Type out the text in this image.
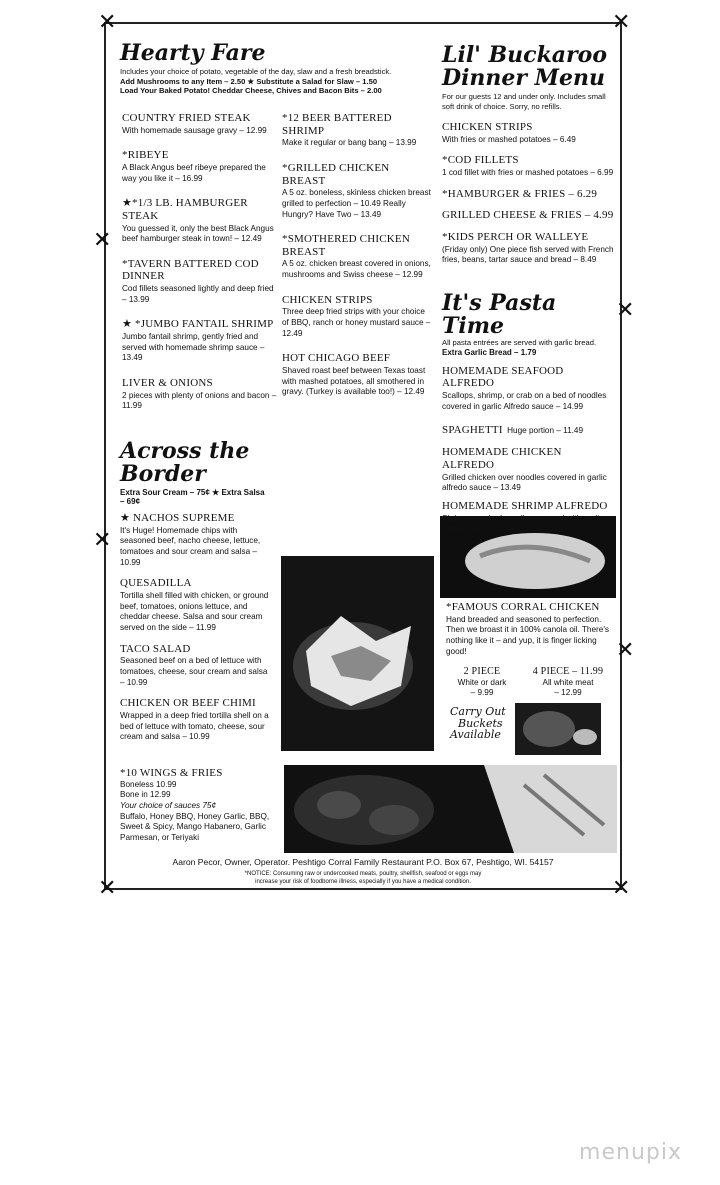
✕	✕
✕	✕
✕
✕
✕
✕
Hearty Fare

Includes your choice of potato, vegetable of the day, slaw and a fresh breadstick.

Add Mushrooms to any Item – 2.50 ★ Substitute a Salad for Slaw – 1.50

Load Your Baked Potato! Cheddar Cheese, Chives and Bacon Bits – 2.00

COUNTRY FRIED STEAK

With homemade sausage gravy – 12.99

*RIBEYE

A Black Angus beef ribeye prepared the way you like it – 16.99

★*1/3 LB. HAMBURGER STEAK

You guessed it, only the best Black Angus beef hamburger steak in town! – 12.49

*TAVERN BATTERED COD DINNER

Cod fillets seasoned lightly and deep fried – 13.99

★ *JUMBO FANTAIL SHRIMP

Jumbo fantail shrimp, gently fried and served with homemade shrimp sauce – 13.49

LIVER & ONIONS

2 pieces with plenty of onions and bacon – 11.99

*12 BEER BATTERED SHRIMP

Make it regular or bang bang – 13.99

*GRILLED CHICKEN BREAST

A 5 oz. boneless, skinless chicken breast grilled to perfection – 10.49 Really Hungry? Have Two – 13.49

*SMOTHERED CHICKEN BREAST

A 5 oz. chicken breast covered in onions, mushrooms and Swiss cheese – 12.99

CHICKEN STRIPS

Three deep fried strips with your choice of BBQ, ranch or honey mustard sauce – 12.49

HOT CHICAGO BEEF

Shaved roast beef between Texas toast with mashed potatoes, all smothered in gravy. (Turkey is available too!) – 12.49

Across the Border

Extra Sour Cream – 75¢ ★ Extra Salsa – 69¢

★ NACHOS SUPREME

It's Huge! Homemade chips with seasoned beef, nacho cheese, lettuce, tomatoes and sour cream and salsa – 10.99

QUESADILLA

Tortilla shell filled with chicken, or ground beef, tomatoes, onions lettuce, and cheddar cheese. Salsa and sour cream served on the side – 11.99

TACO SALAD

Seasoned beef on a bed of lettuce with tomatoes, cheese, sour cream and salsa – 10.99

CHICKEN OR BEEF CHIMI

Wrapped in a deep fried tortilla shell on a bed of lettuce with tomato, cheese, sour cream and salsa – 10.99

*10 WINGS & FRIES

Boneless 10.99

Bone in 12.99

Your choice of sauces 75¢

Buffalo, Honey BBQ, Honey Garlic, BBQ, Sweet & Spicy, Mango Habanero, Garlic Parmesan, or Teriyaki

Lil' Buckaroo
Dinner Menu

For our guests 12 and under only. Includes small soft drink of choice. Sorry, no refills.

CHICKEN STRIPS

With fries or mashed potatoes – 6.49

*COD FILLETS

1 cod fillet with fries or mashed potatoes – 6.99

*HAMBURGER & FRIES – 6.29

GRILLED CHEESE & FRIES – 4.99

*KIDS PERCH OR WALLEYE

(Friday only) One piece fish served with French fries, beans, tartar sauce and bread – 8.49

It's Pasta Time

All pasta entrées are served with garlic bread.

Extra Garlic Bread – 1.79

HOMEMADE SEAFOOD ALFREDO

Scallops, shrimp, or crab on a bed of noodles covered in garlic Alfredo sauce – 14.99

SPAGHETTI Huge portion – 11.49

HOMEMADE CHICKEN ALFREDO

Grilled chicken over noodles covered in garlic alfredo sauce – 13.49

HOMEMADE SHRIMP ALFREDO

Shrimp on a bed noodles covered with garlic Alfredo sauce. 13.99

*FAMOUS CORRAL CHICKEN

Hand breaded and seasoned to perfection. Then we broast it in 100% canola oil. There's nothing like it – and yup, it is finger licking good!

2 PIECE

White or dark

– 9.99

4 PIECE – 11.99

All white meat

– 12.99

Carry Out

Buckets

Available

Aaron Pecor, Owner, Operator. Peshtigo Corral Family Restaurant P.O. Box 67, Peshtigo, WI. 54157
*NOTICE: Consuming raw or undercooked meats, poultry, shellfish, seafood or eggs may increase your risk of foodborne illness, especially if you have a medical condition.
menupix
